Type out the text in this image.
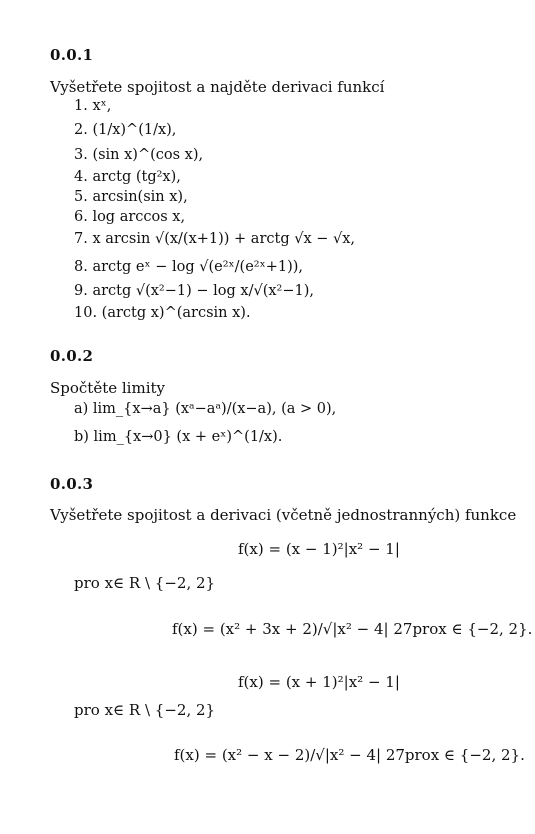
0.0.1
Vyšetřete spojitost a najděte derivaci funkcí
1. xˣ,
2. (1/x)^(1/x),
3. (sin x)^(cos x),
4. arctg (tg²x),
5. arcsin(sin x),
6. log arccos x,
7. x arcsin √(x/(x+1)) + arctg √x − √x,
8. arctg eˣ − log √(e²ˣ/(e²ˣ+1)),
9. arctg √(x²−1) − log x/√(x²−1),
10. (arctg x)^(arcsin x).
0.0.2
Spočtěte limity
a) lim_{x→a} (xᵃ−aᵃ)/(x−a), (a > 0),
b) lim_{x→0} (x + eˣ)^(1/x).
0.0.3
Vyšetřete spojitost a derivaci (včetně jednostranných) funkce
f(x) = (x − 1)²|x² − 1|
pro x∈ R \ {−2, 2}
f(x) = (x² + 3x + 2)/√|x² − 4| 27prox ∈ {−2, 2}.
f(x) = (x + 1)²|x² − 1|
pro x∈ R \ {−2, 2}
f(x) = (x² − x − 2)/√|x² − 4| 27prox ∈ {−2, 2}.
